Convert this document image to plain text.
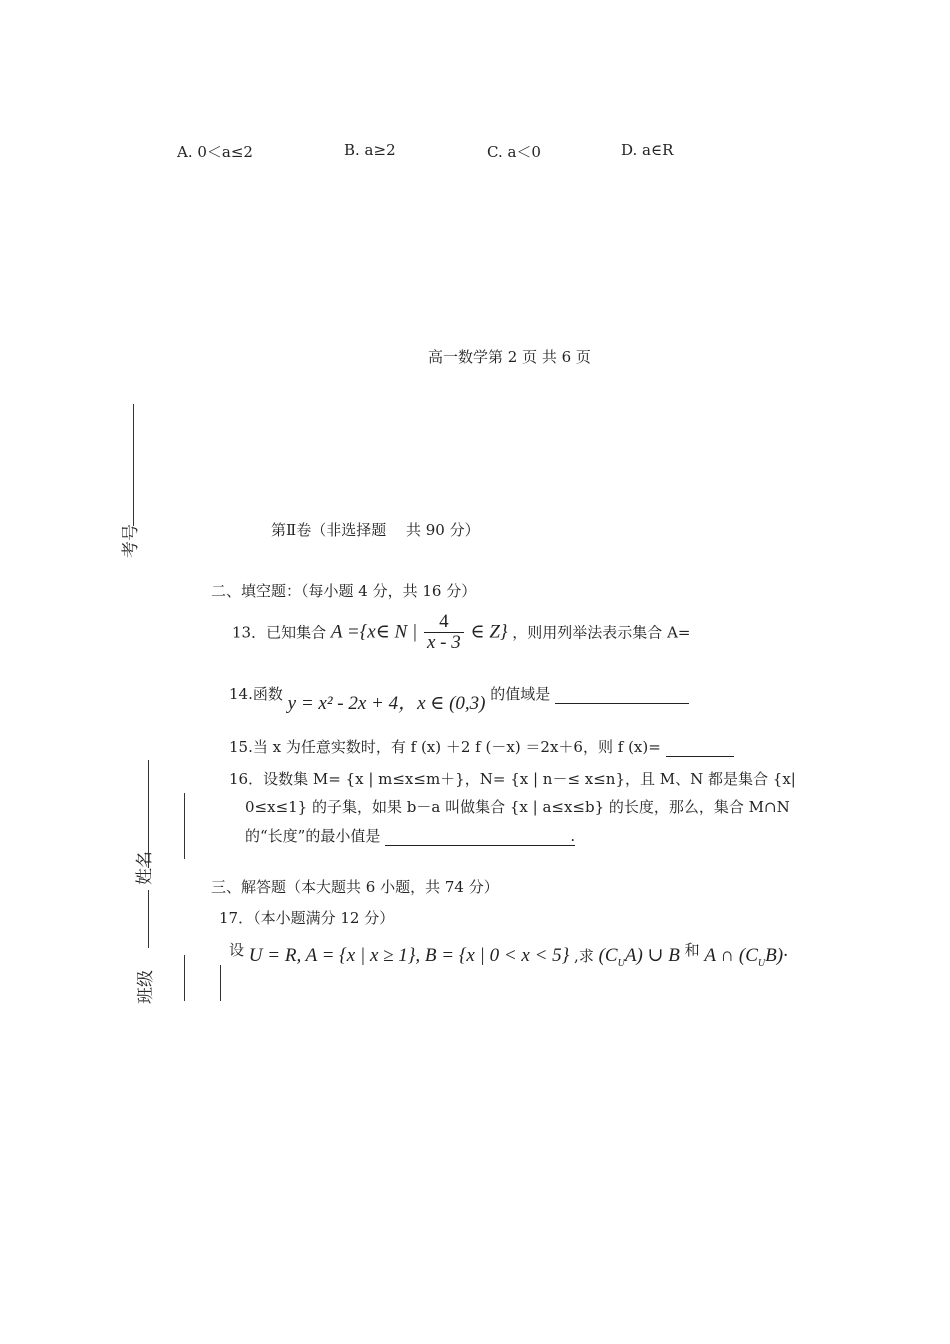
A. 0＜a≤2	B. a≥2	C. a＜0	D. a∈R
高一数学第 2 页 共 6 页
考号
姓名
班级
第Ⅱ卷（非选择题　 共 90 分）
二、填空题：（每小题 4 分，共 16 分）
13．已知集合 A ={x∈ N | $\frac{4}{x - 3}$ ∈ Z} ，则用列举法表示集合 A=
14.函数 y = x² - 2x + 4，x ∈ (0,3) 的值域是
15.当 x 为任意实数时，有 f (x) ＋2 f (－x) ＝2x＋6，则 f (x)=
16．设数集 M= {x | m≤x≤m＋}，N= {x | n－≤ x≤n}，且 M、N 都是集合 {x|
0≤x≤1} 的子集，如果 b－a 叫做集合 {x | a≤x≤b} 的长度，那么，集合 M∩N
的“长度”的最小值是	.
三、解答题（本大题共 6 小题，共 74 分）
17．（本小题满分 12 分）
设 U = R, A = {x | x ≥ 1}, B = {x | 0 < x < 5} ,求 $(C_UA)$ ∪ B 和 A ∩ $(C_UB)\cdot$
